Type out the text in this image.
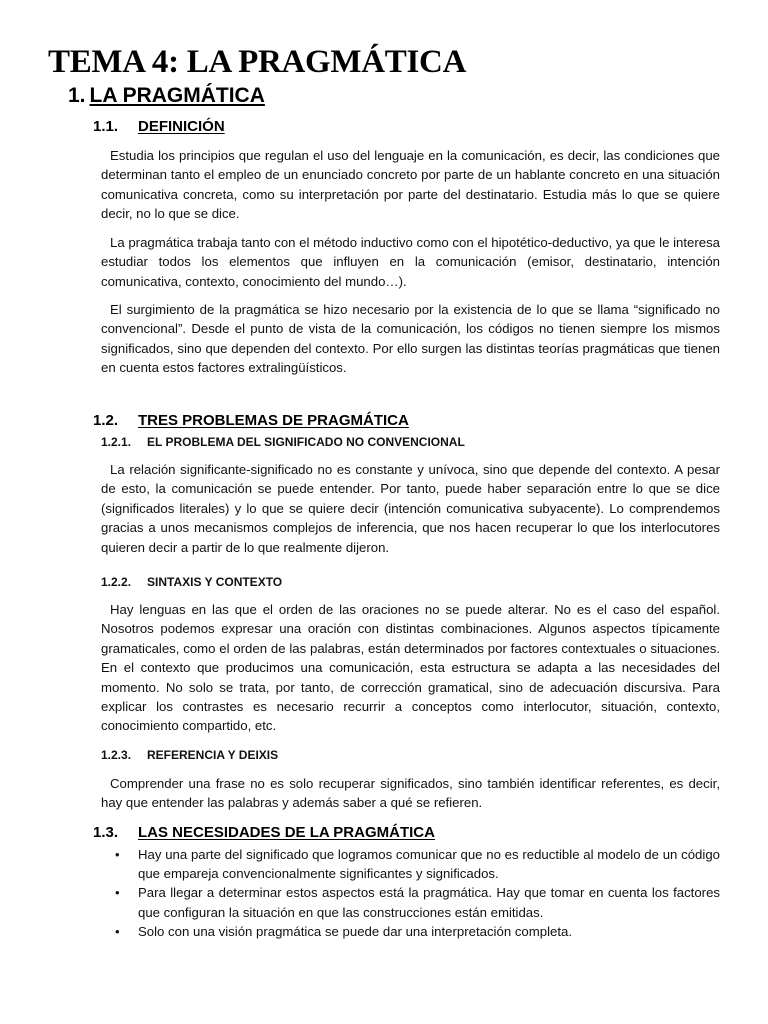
TEMA 4: LA PRAGMÁTICA
1. LA PRAGMÁTICA
1.1. DEFINICIÓN

Estudia los principios que regulan el uso del lenguaje en la comunicación, es decir, las condiciones que determinan tanto el empleo de un enunciado concreto por parte de un hablante concreto en una situación comunicativa concreta, como su interpretación por parte del destinatario. Estudia más lo que se quiere decir, no lo que se dice.

La pragmática trabaja tanto con el método inductivo como con el hipotético-deductivo, ya que le interesa estudiar todos los elementos que influyen en la comunicación (emisor, destinatario, intención comunicativa, contexto, conocimiento del mundo…).

El surgimiento de la pragmática se hizo necesario por la existencia de lo que se llama “significado no convencional”. Desde el punto de vista de la comunicación, los códigos no tienen siempre los mismos significados, sino que dependen del contexto. Por ello surgen las distintas teorías pragmáticas que tienen en cuenta estos factores extralingüísticos.

1.2. TRES PROBLEMAS DE PRAGMÁTICA
1.2.1. EL PROBLEMA DEL SIGNIFICADO NO CONVENCIONAL

La relación significante-significado no es constante y unívoca, sino que depende del contexto. A pesar de esto, la comunicación se puede entender. Por tanto, puede haber separación entre lo que se dice (significados literales) y lo que se quiere decir (intención comunicativa subyacente). Lo comprendemos gracias a unos mecanismos complejos de inferencia, que nos hacen recuperar lo que los interlocutores quieren decir a partir de lo que realmente dijeron.

1.2.2. SINTAXIS Y CONTEXTO

Hay lenguas en las que el orden de las oraciones no se puede alterar. No es el caso del español. Nosotros podemos expresar una oración con distintas combinaciones. Algunos aspectos típicamente gramaticales, como el orden de las palabras, están determinados por factores contextuales o situaciones. En el contexto que producimos una comunicación, esta estructura se adapta a las necesidades del momento. No solo se trata, por tanto, de corrección gramatical, sino de adecuación discursiva. Para explicar los contrastes es necesario recurrir a conceptos como interlocutor, situación, contexto, conocimiento compartido, etc.

1.2.3. REFERENCIA Y DEIXIS

Comprender una frase no es solo recuperar significados, sino también identificar referentes, es decir, hay que entender las palabras y además saber a qué se refieren.

1.3. LAS NECESIDADES DE LA PRAGMÁTICA
• Hay una parte del significado que logramos comunicar que no es reductible al modelo de un código que empareja convencionalmente significantes y significados.
• Para llegar a determinar estos aspectos está la pragmática. Hay que tomar en cuenta los factores que configuran la situación en que las construcciones están emitidas.
• Solo con una visión pragmática se puede dar una interpretación completa.
